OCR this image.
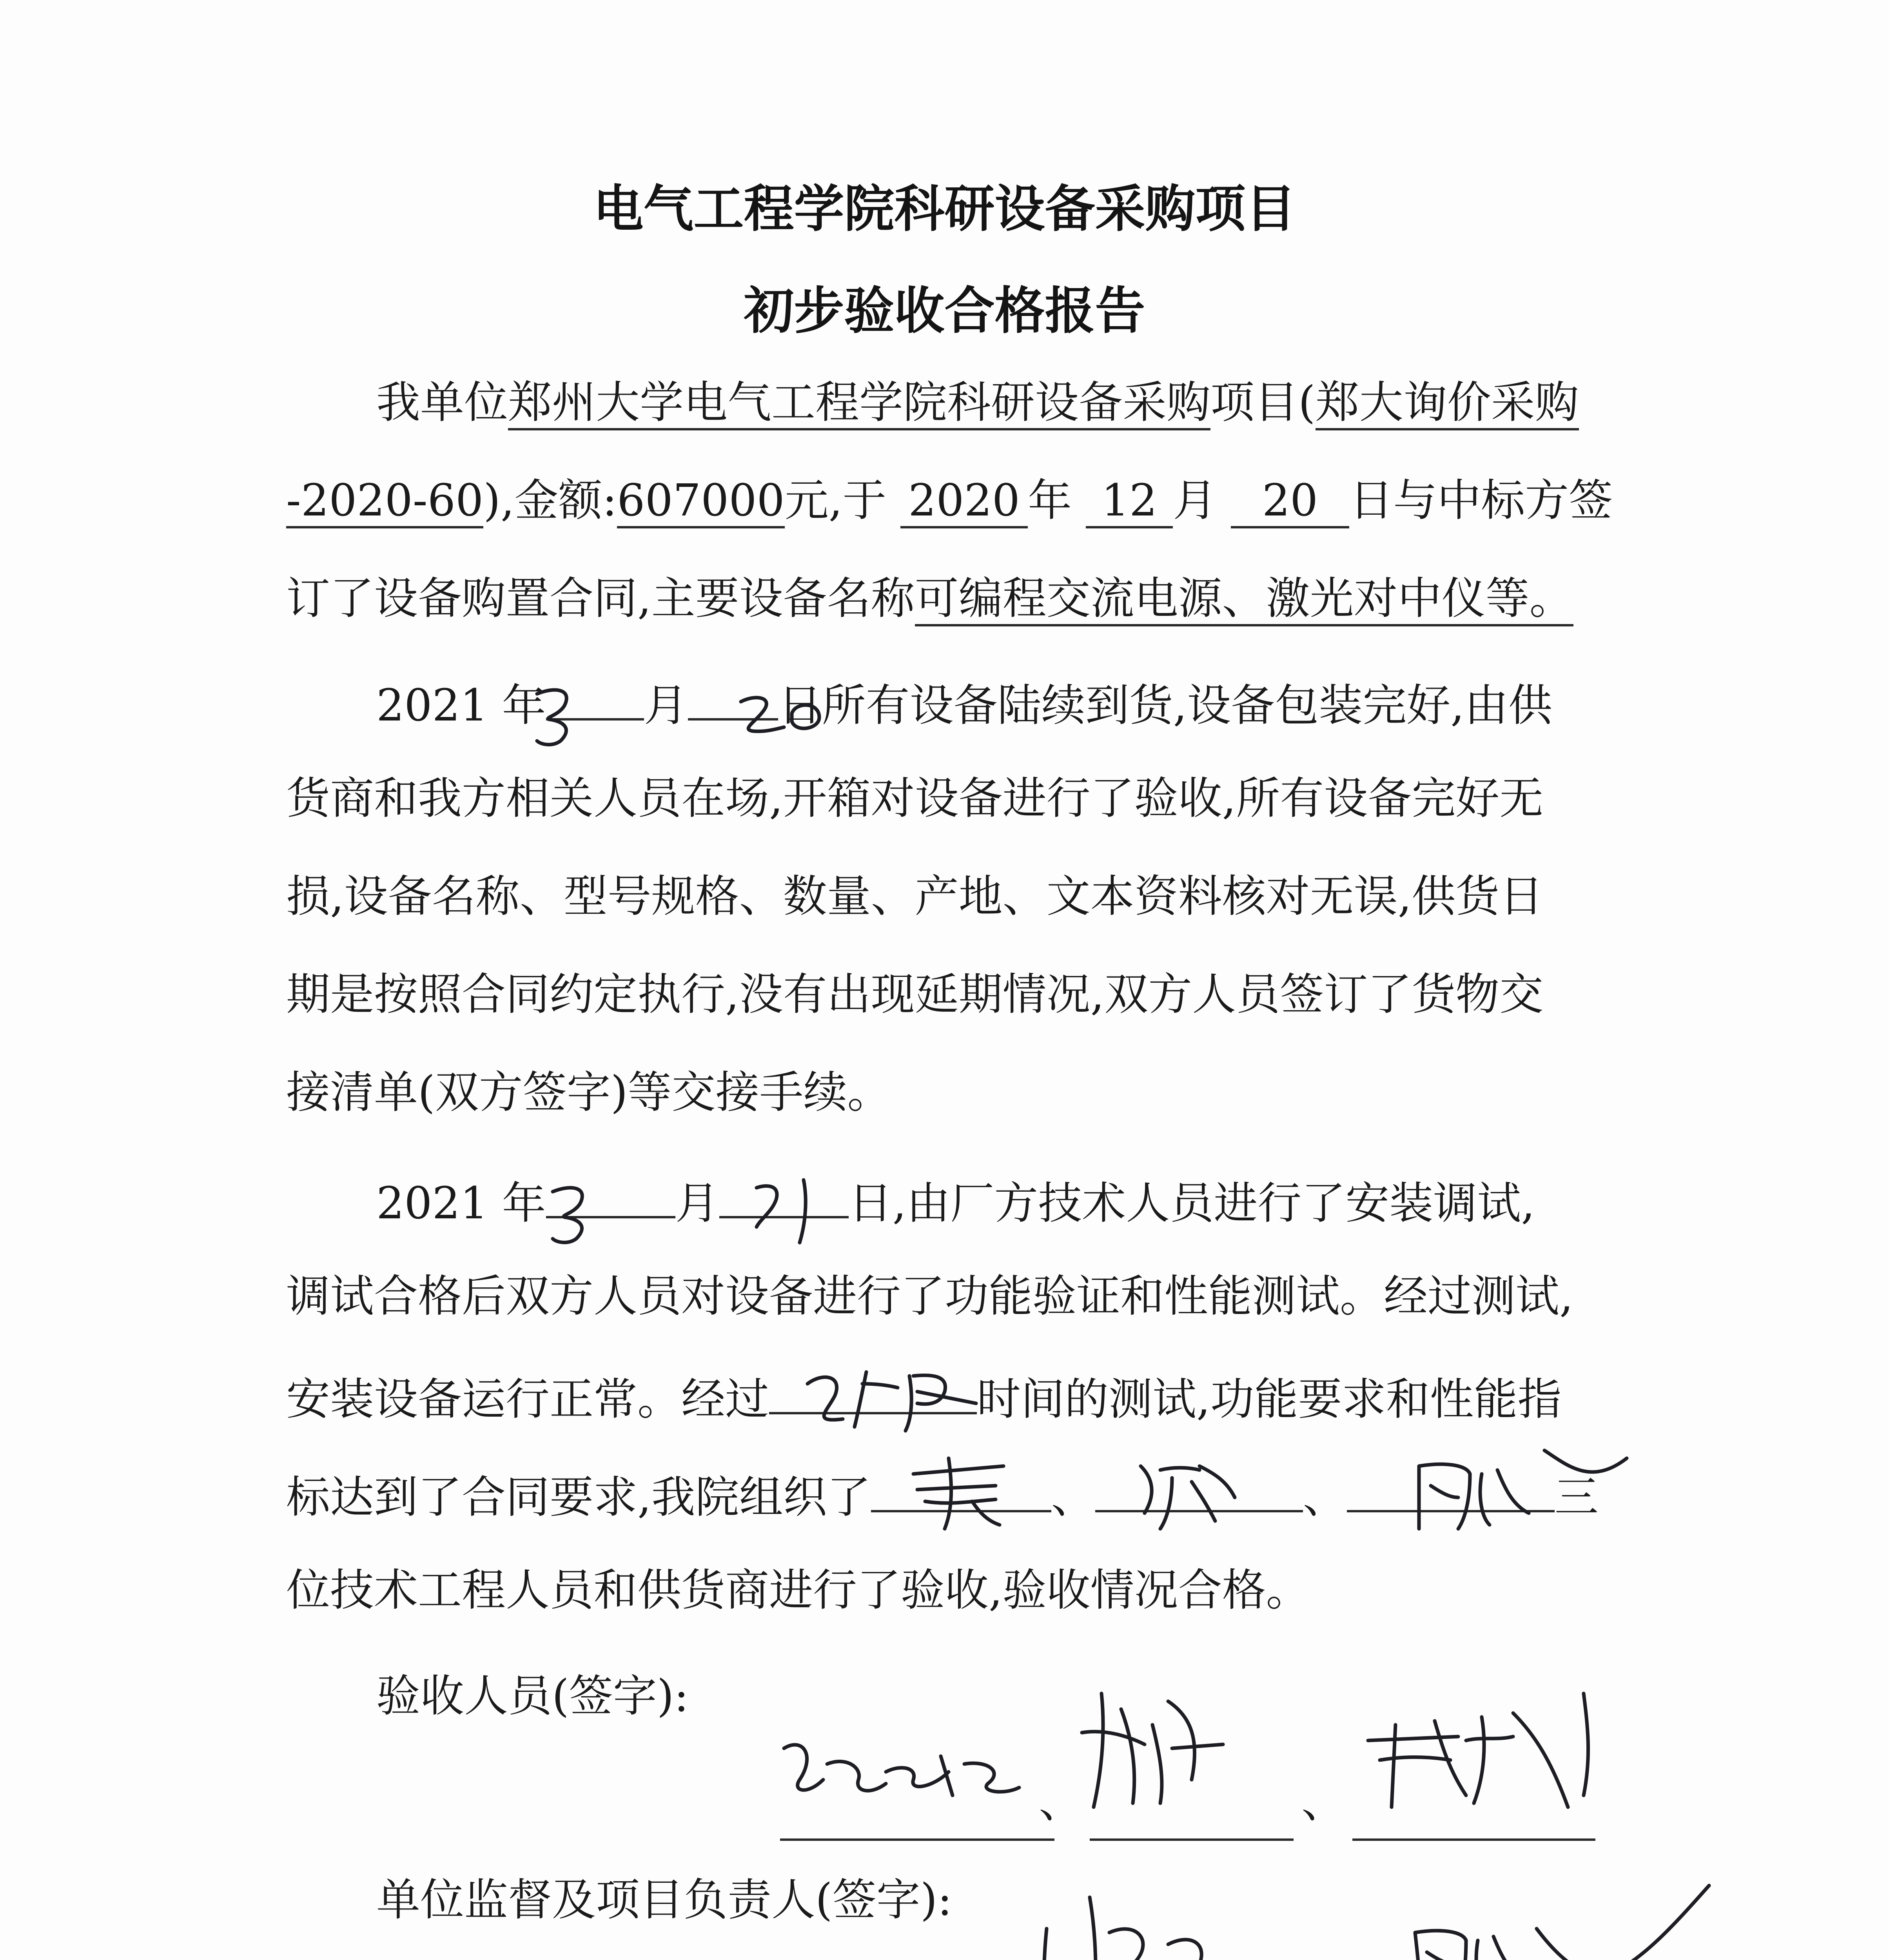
电气工程学院科研设备采购项目
初步验收合格报告
我单位郑州大学电气工程学院科研设备采购项目(郑大询价采购
-2020-60),金额:607000元,于 2020 年 12 月 20 日与中标方签
订了设备购置合同,主要设备名称可编程交流电源、激光对中仪等。
2021 年 月 日所有设备陆续到货,设备包装完好,由供
货商和我方相关人员在场,开箱对设备进行了验收,所有设备完好无
损,设备名称、型号规格、数量、产地、文本资料核对无误,供货日
期是按照合同约定执行,没有出现延期情况,双方人员签订了货物交
接清单(双方签字)等交接手续。
2021 年	月	日,由厂方技术人员进行了安装调试,
调试合格后双方人员对设备进行了功能验证和性能测试。经过测试,
安装设备运行正常。经过	时间的测试,功能要求和性能指
标达到了合同要求,我院组织了	、	、	三
位技术工程人员和供货商进行了验收,验收情况合格。
验收人员(签字):
、	、
单位监督及项目负责人(签字):
